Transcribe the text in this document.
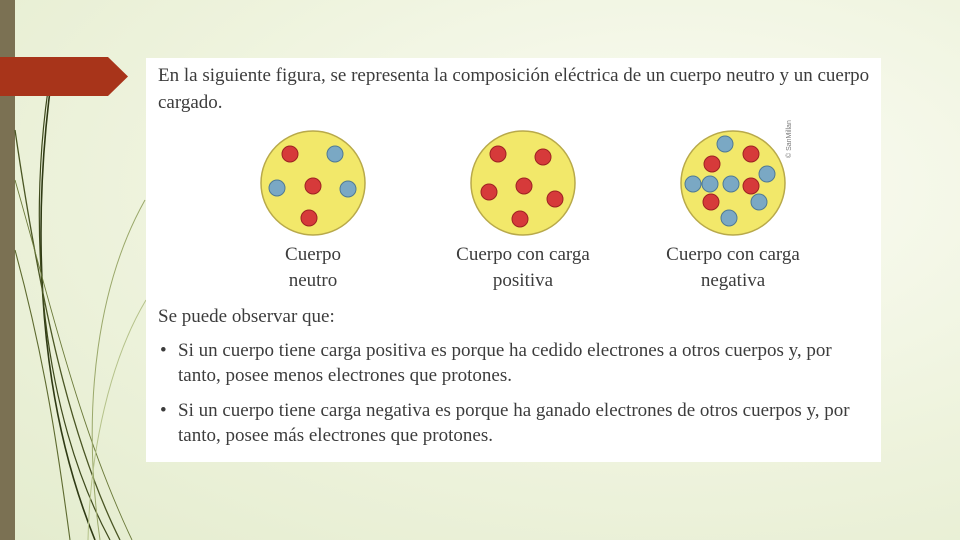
En la siguiente figura, se representa la composición eléctrica de un cuerpo neutro y un cuerpo cargado.

Cuerpo
neutro
Cuerpo con carga
positiva
Cuerpo con carga
negativa
© SanMillan

Se puede observar que:

• Si un cuerpo tiene carga positiva es porque ha cedido electrones a otros cuerpos y, por tanto, posee menos electrones que protones.
• Si un cuerpo tiene carga negativa es porque ha ganado electrones de otros cuerpos y, por tanto, posee más electrones que protones.
